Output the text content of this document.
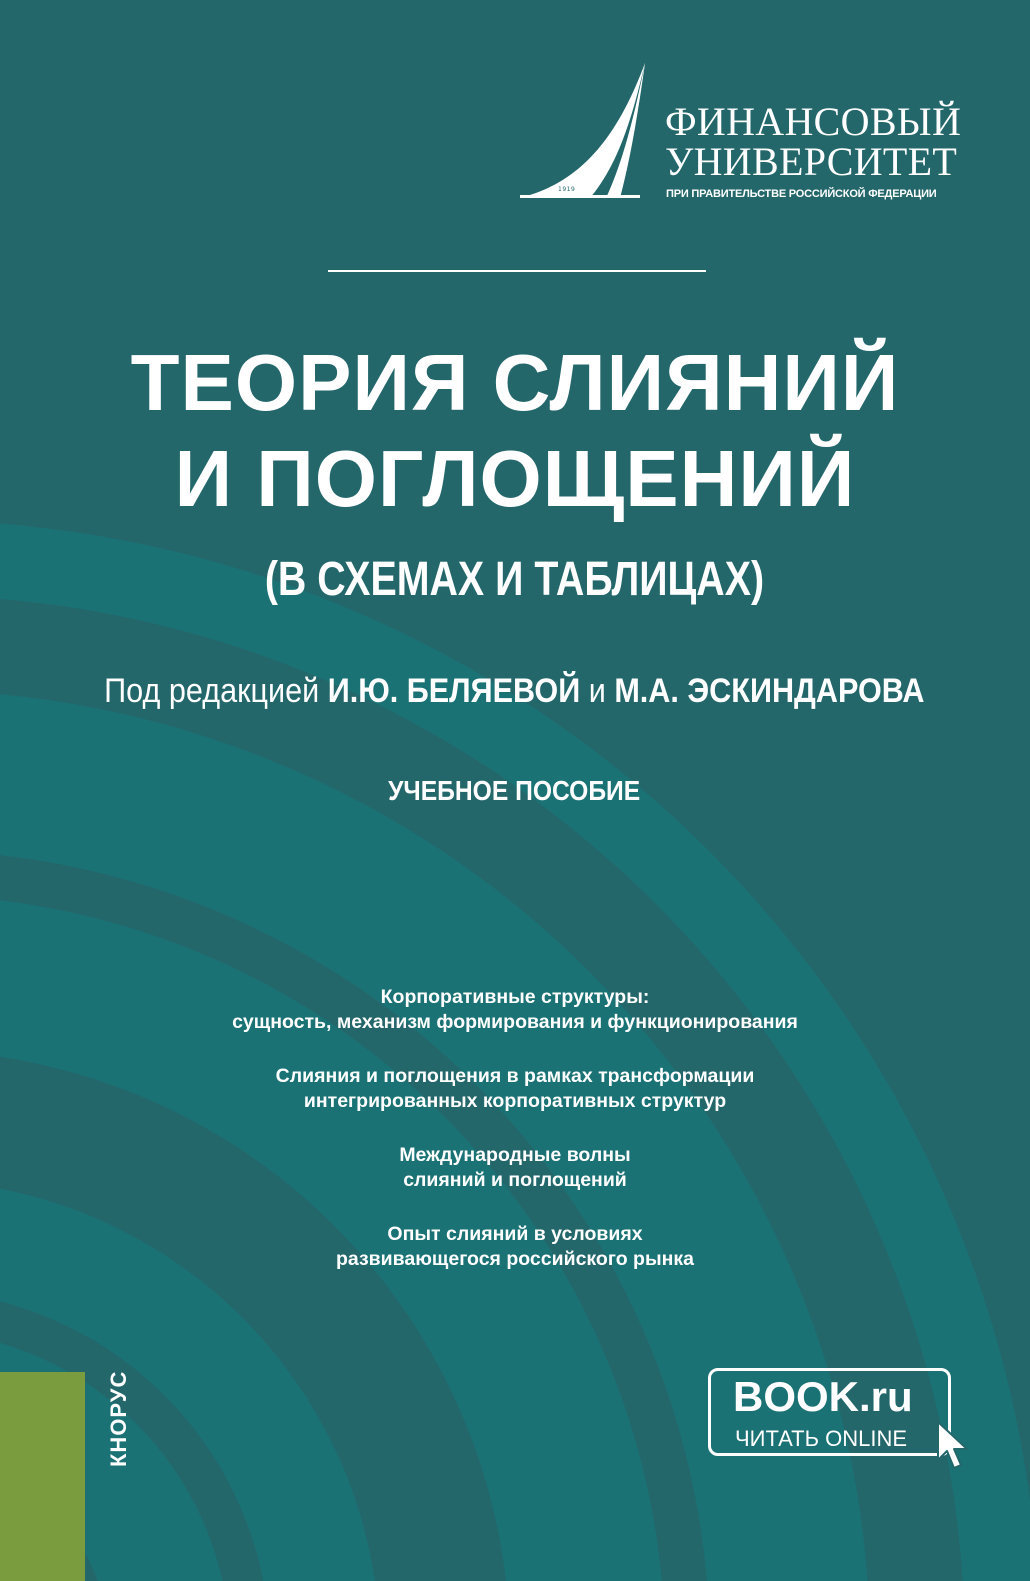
1919
ФИНАНСОВЫЙ
УНИВЕРСИТЕТ
ПРИ ПРАВИТЕЛЬСТВЕ РОССИЙСКОЙ ФЕДЕРАЦИИ
ТЕОРИЯ СЛИЯНИЙ
И ПОГЛОЩЕНИЙ
(В СХЕМАХ И ТАБЛИЦАХ)
Под редакцией И.Ю. БЕЛЯЕВОЙ и М.А. ЭСКИНДАРОВА
УЧЕБНОЕ ПОСОБИЕ
Корпоративные структуры:
сущность, механизм формирования и функционирования
Слияния и поглощения в рамках трансформации
интегрированных корпоративных структур
Международные волны
слияний и поглощений
Опыт слияний в условиях
развивающегося российского рынка
КНОРУС	BOOK.ru
ЧИТАТЬ ONLINE
